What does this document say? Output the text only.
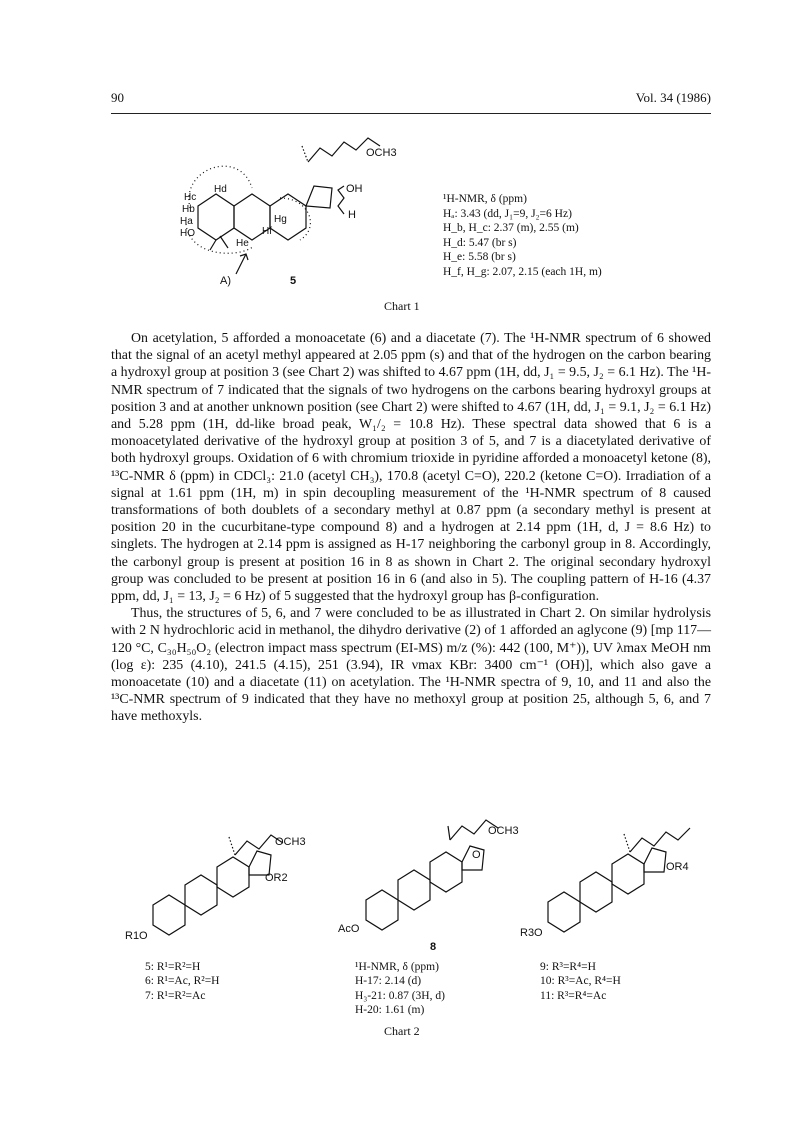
90	Vol. 34 (1986)
OCH3
OH
H
Hc
Hd
Hb
Ha
HO
Hg
Hf
He
A)	5
¹H-NMR, δ (ppm)
Hₐ: 3.43 (dd, J₁=9, J₂=6 Hz)
H_b, H_c: 2.37 (m), 2.55 (m)
H_d: 5.47 (br s)
H_e: 5.58 (br s)
H_f, H_g: 2.07, 2.15 (each 1H, m)
Chart 1

On acetylation, 5 afforded a monoacetate (6) and a diacetate (7). The ¹H-NMR spectrum of 6 showed that the signal of an acetyl methyl appeared at 2.05 ppm (s) and that of the hydrogen on the carbon bearing a hydroxyl group at position 3 (see Chart 2) was shifted to 4.67 ppm (1H, dd, J₁ = 9.5, J₂ = 6.1 Hz). The ¹H-NMR spectrum of 7 indicated that the signals of two hydrogens on the carbons bearing hydroxyl groups at position 3 and at another unknown position (see Chart 2) were shifted to 4.67 (1H, dd, J₁ = 9.1, J₂ = 6.1 Hz) and 5.28 ppm (1H, dd-like broad peak, W₁/₂ = 10.8 Hz). These spectral data showed that 6 is a monoacetylated derivative of the hydroxyl group at position 3 of 5, and 7 is a diacetylated derivative of both hydroxyl groups. Oxidation of 6 with chromium trioxide in pyridine afforded a monoacetyl ketone (8), ¹³C-NMR δ (ppm) in CDCl₃: 21.0 (acetyl CH₃), 170.8 (acetyl C=O), 220.2 (ketone C=O). Irradiation of a signal at 1.61 ppm (1H, m) in spin decoupling measurement of the ¹H-NMR spectrum of 8 caused transformations of both doublets of a secondary methyl at 0.87 ppm (a secondary methyl is present at position 20 in the cucurbitane-type compound 8) and a hydrogen at 2.14 ppm (1H, d, J = 8.6 Hz) to singlets. The hydrogen at 2.14 ppm is assigned as H-17 neighboring the carbonyl group in 8. Accordingly, the carbonyl group is present at position 16 in 8 as shown in Chart 2. The original secondary hydroxyl group was concluded to be present at position 16 in 6 (and also in 5). The coupling pattern of H-16 (4.37 ppm, dd, J₁ = 13, J₂ = 6 Hz) of 5 suggested that the hydroxyl group has β-configuration.

Thus, the structures of 5, 6, and 7 were concluded to be as illustrated in Chart 2. On similar hydrolysis with 2 N hydrochloric acid in methanol, the dihydro derivative (2) of 1 afforded an aglycone (9) [mp 117—120 °C, C₃₀H₅₀O₂ (electron impact mass spectrum (EI-MS) m/z (%): 442 (100, M⁺)), UV λmax MeOH nm (log ε): 235 (4.10), 241.5 (4.15), 251 (3.94), IR νmax KBr: 3400 cm⁻¹ (OH)], which also gave a monoacetate (10) and a diacetate (11) on acetylation. The ¹H-NMR spectra of 9, 10, and 11 and also the ¹³C-NMR spectrum of 9 indicated that they have no methoxyl group at position 25, although 5, 6, and 7 have methoxyls.

OCH3
OR2
R1O
OCH3
O
AcO
8
OR4
R3O
5: R¹=R²=H
6: R¹=Ac, R²=H
7: R¹=R²=Ac
¹H-NMR, δ (ppm)
H-17: 2.14 (d)
H₃-21: 0.87 (3H, d)
H-20: 1.61 (m)
9: R³=R⁴=H
10: R³=Ac, R⁴=H
11: R³=R⁴=Ac
Chart 2
